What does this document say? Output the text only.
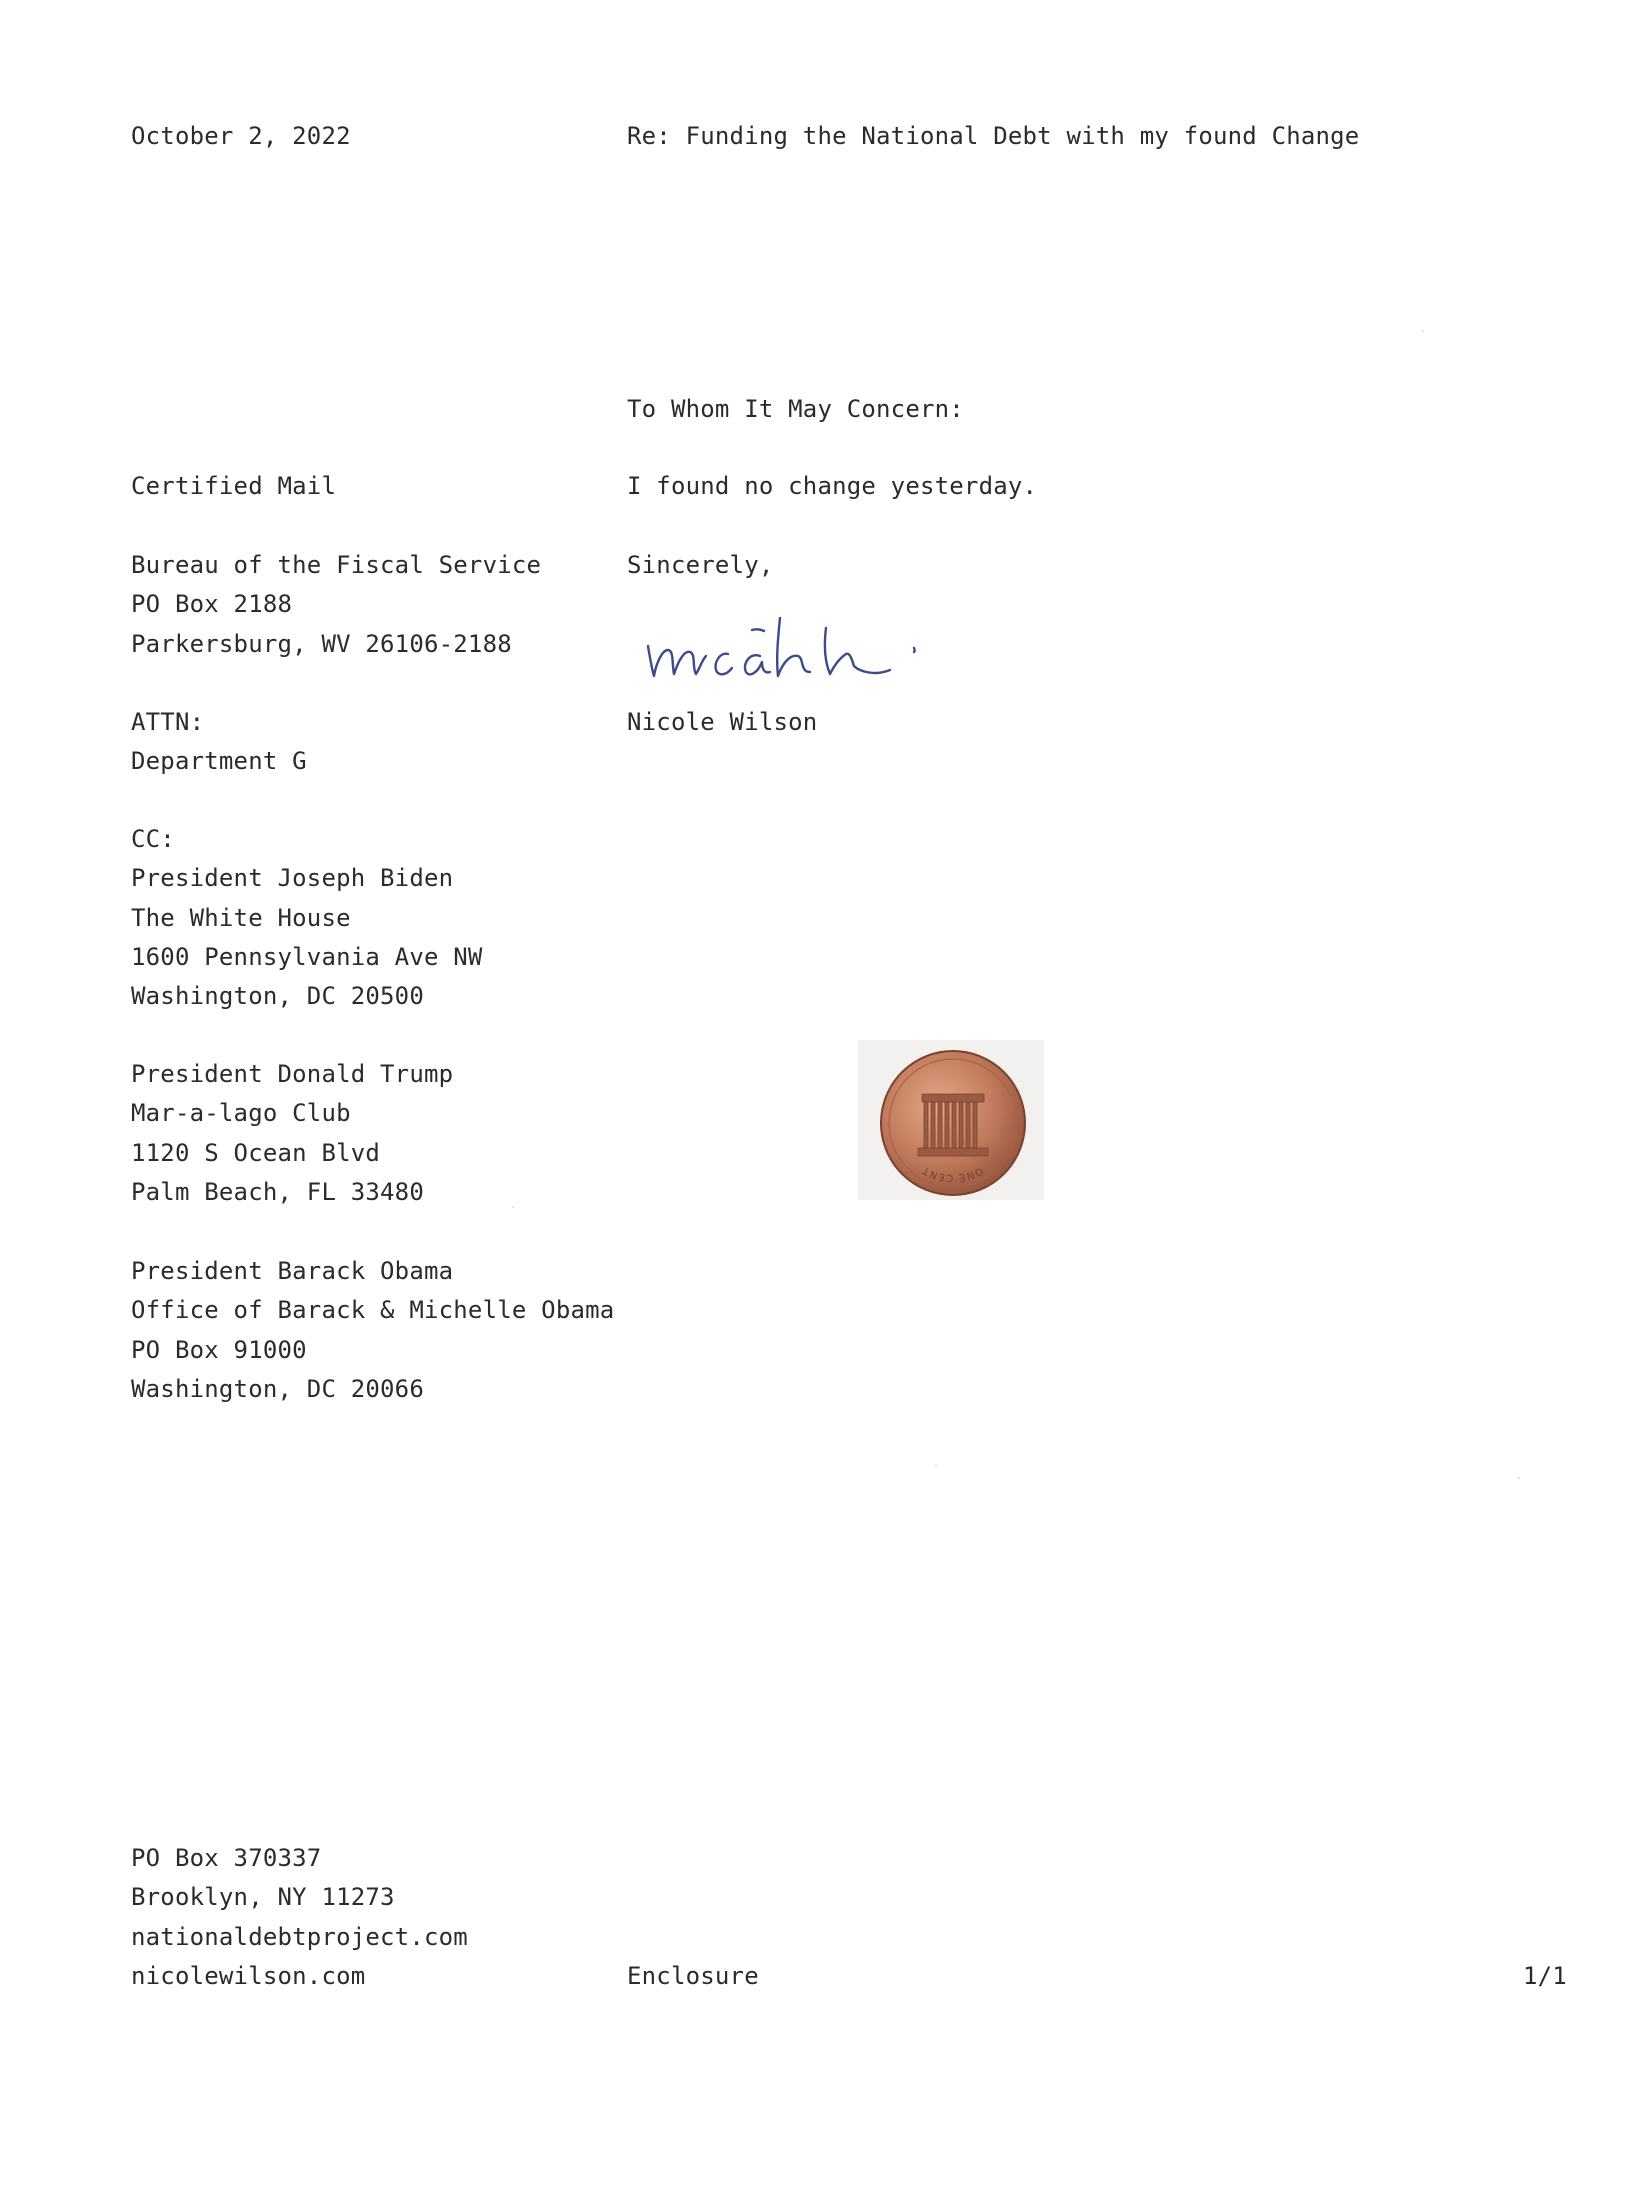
October 2, 2022	Re: Funding the National Debt with my found Change
To Whom It May Concern:
I found no change yesterday.
Sincerely,
Nicole Wilson
Certified Mail
Bureau of the Fiscal Service
PO Box 2188
Parkersburg, WV 26106-2188
ATTN:
Department G
CC:
President Joseph Biden
The White House
1600 Pennsylvania Ave NW
Washington, DC 20500
President Donald Trump
Mar-a-lago Club
1120 S Ocean Blvd
Palm Beach, FL 33480
President Barack Obama
Office of Barack & Michelle Obama
PO Box 91000
Washington, DC 20066
ONE CENT
PO Box 370337
Brooklyn, NY 11273
nationaldebtproject.com
nicolewilson.com	Enclosure	1/1
